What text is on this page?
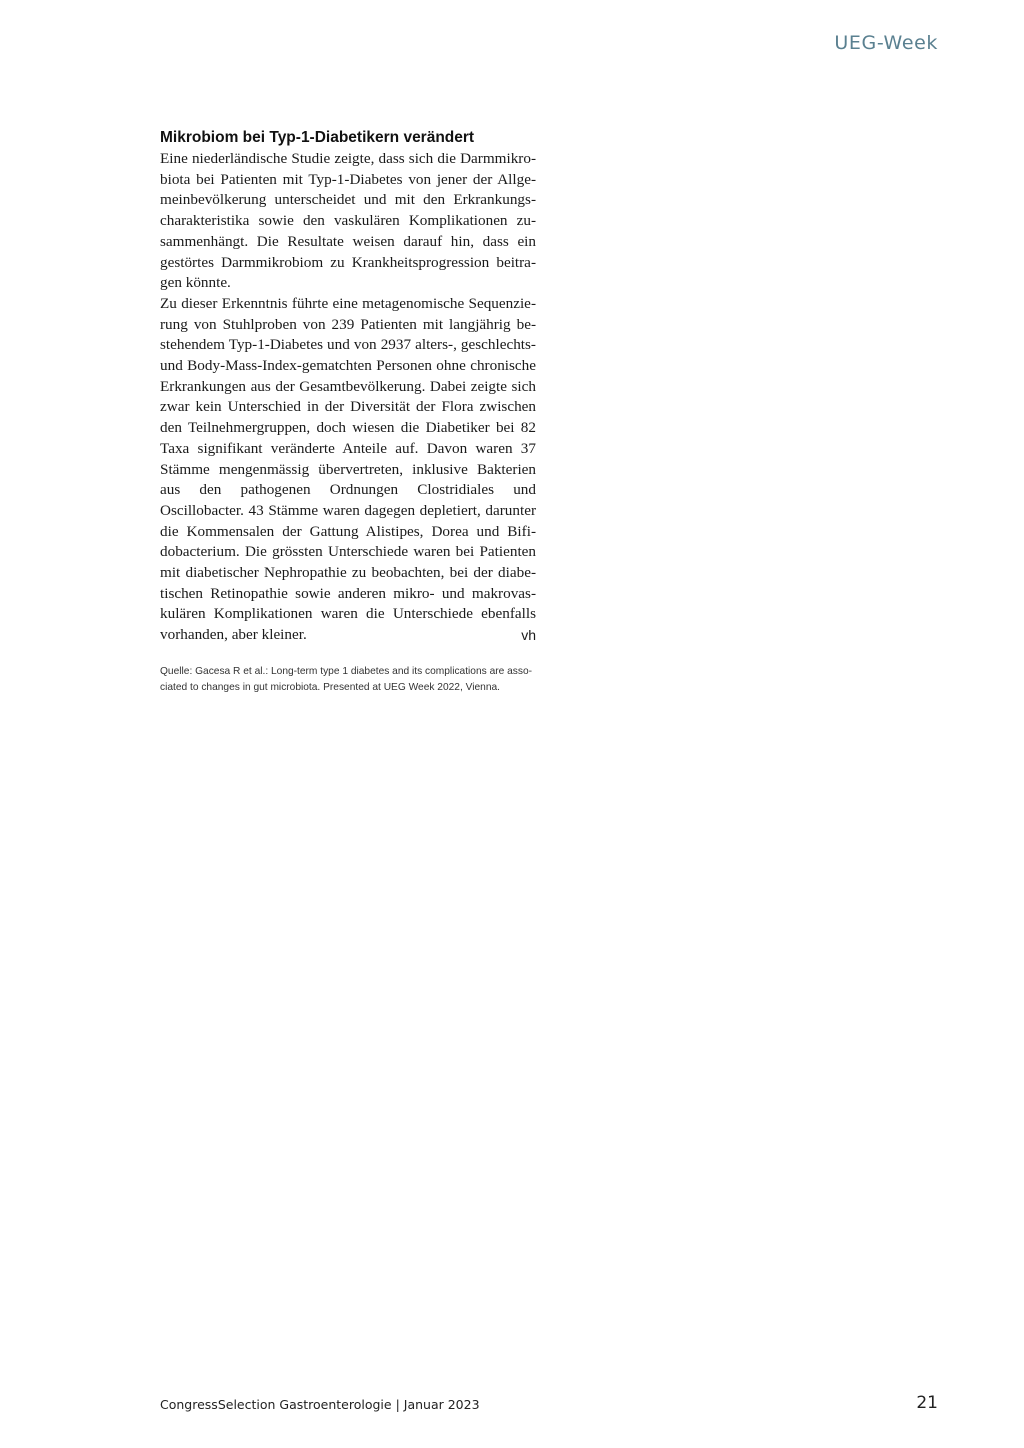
UEG-Week
Mikrobiom bei Typ-1-Diabetikern verändert

Eine niederländische Studie zeigte, dass sich die Darmmikrobiota bei Patienten mit Typ-1-Diabetes von jener der Allgemeinbevölkerung unterscheidet und mit den Erkrankungscharakteristika sowie den vaskulären Komplikationen zusammenhängt. Die Resultate weisen darauf hin, dass ein gestörtes Darmmikrobiom zu Krankheitsprogression beitragen könnte.

Zu dieser Erkenntnis führte eine metagenomische Sequenzierung von Stuhlproben von 239 Patienten mit langjährig bestehendem Typ-1-Diabetes und von 2937 alters-, geschlechts- und Body-Mass-Index-gematchten Personen ohne chronische Erkrankungen aus der Gesamtbevölkerung. Dabei zeigte sich zwar kein Unterschied in der Diversität der Flora zwischen den Teilnehmergruppen, doch wiesen die Diabetiker bei 82 Taxa signifikant veränderte Anteile auf. Davon waren 37 Stämme mengenmässig übervertreten, inklusive Bakterien aus den pathogenen Ordnungen Clostridiales und Oscillobacter. 43 Stämme waren dagegen depletiert, darunter die Kommensalen der Gattung Alistipes, Dorea und Bifidobacterium. Die grössten Unterschiede waren bei Patienten mit diabetischer Nephropathie zu beobachten, bei der diabetischen Retinopathie sowie anderen mikro- und makrovaskulären Komplikationen waren die Unterschiede ebenfalls vorhanden, aber kleiner.	vh

Quelle: Gacesa R et al.: Long-term type 1 diabetes and its complications are associated to changes in gut microbiota. Presented at UEG Week 2022, Vienna.
CongressSelection Gastroenterologie | Januar 2023	21
